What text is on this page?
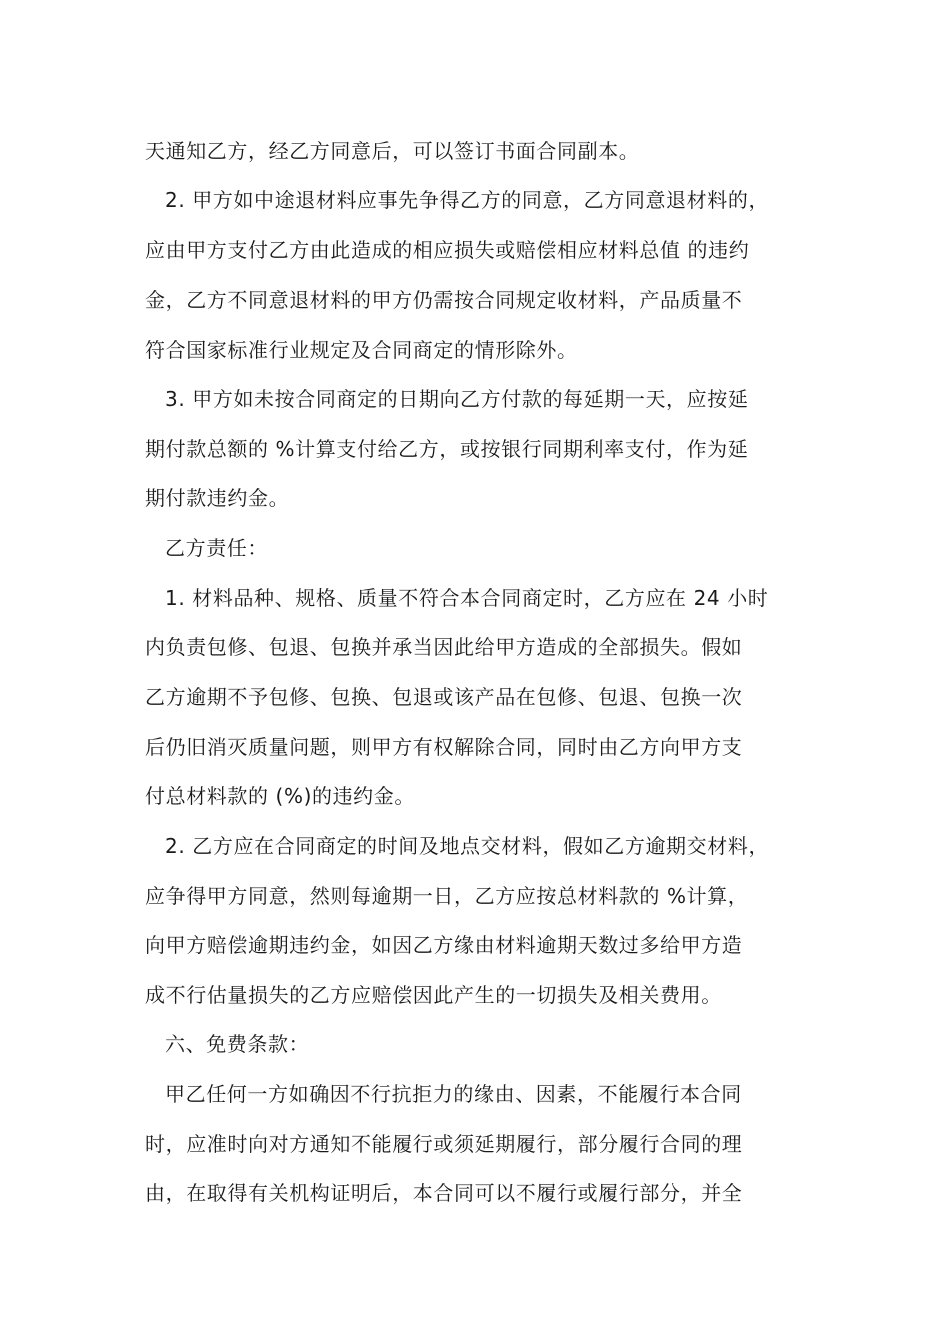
天通知乙方，经乙方同意后，可以签订书面合同副本。
2. 甲方如中途退材料应事先争得乙方的同意，乙方同意退材料的，
应由甲方支付乙方由此造成的相应损失或赔偿相应材料总值 的违约
金，乙方不同意退材料的甲方仍需按合同规定收材料，产品质量不
符合国家标准行业规定及合同商定的情形除外。
3. 甲方如未按合同商定的日期向乙方付款的每延期一天，应按延
期付款总额的 %计算支付给乙方，或按银行同期利率支付，作为延
期付款违约金。
乙方责任：
1. 材料品种、规格、质量不符合本合同商定时，乙方应在 24 小时
内负责包修、包退、包换并承当因此给甲方造成的全部损失。假如
乙方逾期不予包修、包换、包退或该产品在包修、包退、包换一次
后仍旧消灭质量问题，则甲方有权解除合同，同时由乙方向甲方支
付总材料款的 (%)的违约金。
2. 乙方应在合同商定的时间及地点交材料，假如乙方逾期交材料，
应争得甲方同意，然则每逾期一日，乙方应按总材料款的 %计算，
向甲方赔偿逾期违约金，如因乙方缘由材料逾期天数过多给甲方造
成不行估量损失的乙方应赔偿因此产生的一切损失及相关费用。
六、免费条款：
甲乙任何一方如确因不行抗拒力的缘由、因素，不能履行本合同
时，应准时向对方通知不能履行或须延期履行，部分履行合同的理
由，在取得有关机构证明后，本合同可以不履行或履行部分，并全
